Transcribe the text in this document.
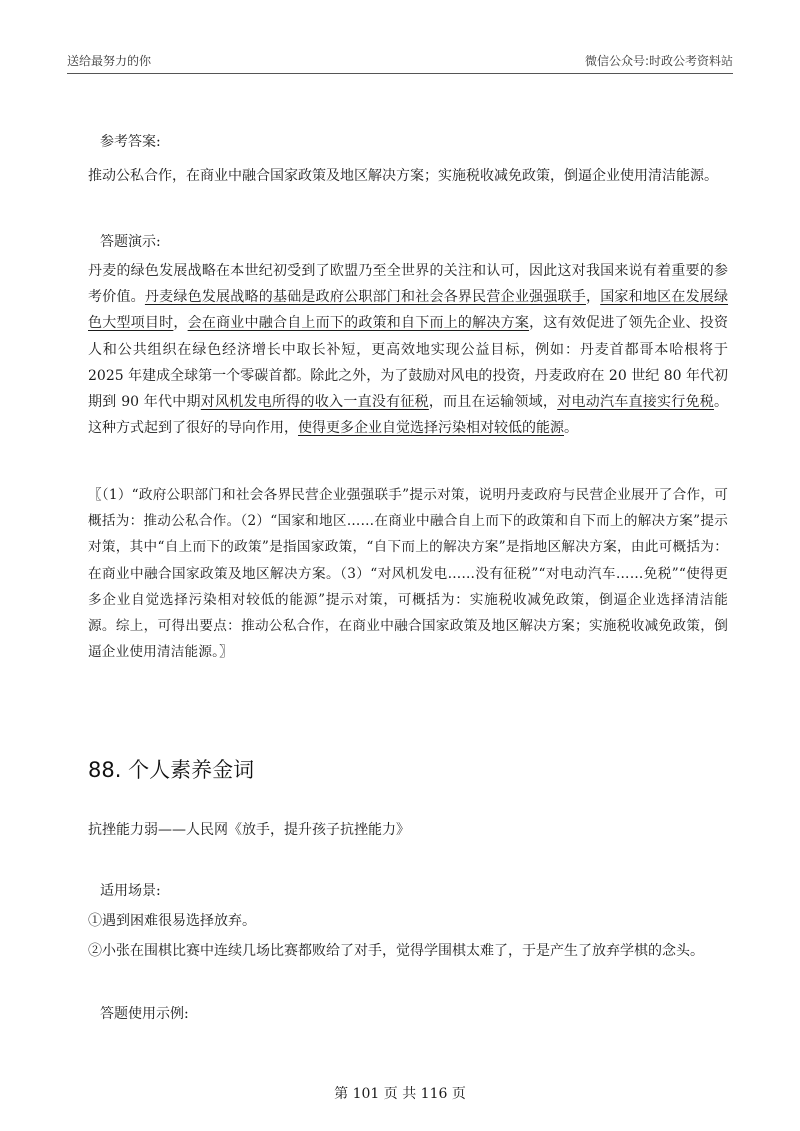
送给最努力的你	微信公众号:时政公考资料站
参考答案:
推动公私合作，在商业中融合国家政策及地区解决方案；实施税收减免政策，倒逼企业使用清洁能源。
答题演示:
丹麦的绿色发展战略在本世纪初受到了欧盟乃至全世界的关注和认可，因此这对我国来说有着重要的参考价值。丹麦绿色发展战略的基础是政府公职部门和社会各界民营企业强强联手，国家和地区在发展绿色大型项目时，会在商业中融合自上而下的政策和自下而上的解决方案，这有效促进了领先企业、投资人和公共组织在绿色经济增长中取长补短，更高效地实现公益目标，例如：丹麦首都哥本哈根将于 2025 年建成全球第一个零碳首都。除此之外，为了鼓励对风电的投资，丹麦政府在 20 世纪 80 年代初期到 90 年代中期对风机发电所得的收入一直没有征税，而且在运输领域，对电动汽车直接实行免税。这种方式起到了很好的导向作用，使得更多企业自觉选择污染相对较低的能源。
〖（1）“政府公职部门和社会各界民营企业强强联手”提示对策，说明丹麦政府与民营企业展开了合作，可概括为：推动公私合作。（2）“国家和地区……在商业中融合自上而下的政策和自下而上的解决方案”提示对策，其中“自上而下的政策”是指国家政策，“自下而上的解决方案”是指地区解决方案，由此可概括为：在商业中融合国家政策及地区解决方案。（3）“对风机发电……没有征税”“对电动汽车……免税”“使得更多企业自觉选择污染相对较低的能源”提示对策，可概括为：实施税收减免政策，倒逼企业选择清洁能源。综上，可得出要点：推动公私合作，在商业中融合国家政策及地区解决方案；实施税收减免政策，倒逼企业使用清洁能源。〗
88. 个人素养金词
抗挫能力弱——人民网《放手，提升孩子抗挫能力》
适用场景:
①遇到困难很易选择放弃。
②小张在围棋比赛中连续几场比赛都败给了对手，觉得学围棋太难了，于是产生了放弃学棋的念头。
答题使用示例:
第 101 页 共 116 页
